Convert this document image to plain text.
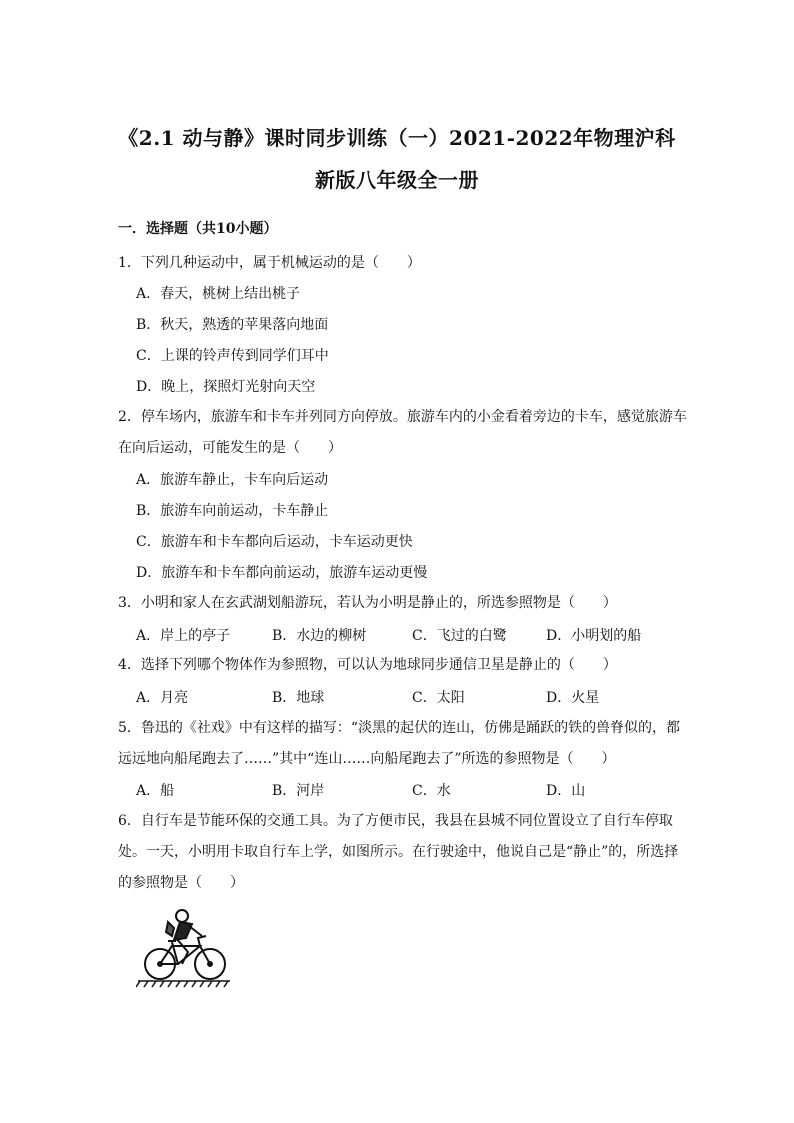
《2.1 动与静》课时同步训练（一）2021-2022年物理沪科
新版八年级全一册
一．选择题（共10小题）
1．下列几种运动中，属于机械运动的是（　　）
A．春天，桃树上结出桃子
B．秋天，熟透的苹果落向地面
C．上课的铃声传到同学们耳中
D．晚上，探照灯光射向天空
2．停车场内，旅游车和卡车并列同方向停放。旅游车内的小金看着旁边的卡车，感觉旅游车在向后运动，可能发生的是（　　）
A．旅游车静止，卡车向后运动
B．旅游车向前运动，卡车静止
C．旅游车和卡车都向后运动，卡车运动更快
D．旅游车和卡车都向前运动，旅游车运动更慢
3．小明和家人在玄武湖划船游玩，若认为小明是静止的，所选参照物是（　　）
A．岸上的亭子	B．水边的柳树	C．飞过的白鹭	D．小明划的船
4．选择下列哪个物体作为参照物，可以认为地球同步通信卫星是静止的（　　）
A．月亮	B．地球	C．太阳	D．火星
5．鲁迅的《社戏》中有这样的描写：“淡黑的起伏的连山，仿佛是踊跃的铁的兽脊似的，都远远地向船尾跑去了……”其中“连山……向船尾跑去了”所选的参照物是（　　）
A．船	B．河岸	C．水	D．山
6．自行车是节能环保的交通工具。为了方便市民，我县在县城不同位置设立了自行车停取处。一天，小明用卡取自行车上学，如图所示。在行驶途中，他说自己是“静止”的，所选择的参照物是（　　）
